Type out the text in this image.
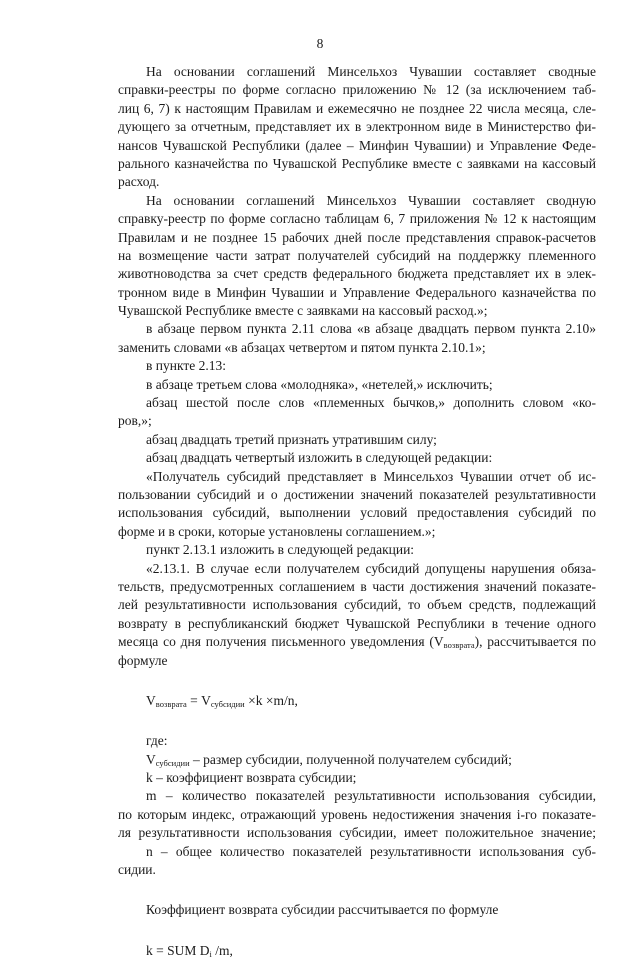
8
На основании соглашений Минсельхоз Чувашии составляет сводные
справки-реестры по форме согласно приложению № 12 (за исключением таб-
лиц 6, 7) к настоящим Правилам и ежемесячно не позднее 22 числа месяца, сле-
дующего за отчетным, представляет их в электронном виде в Министерство фи-
нансов Чувашской Республики (далее – Минфин Чувашии) и Управление Феде-
рального казначейства по Чувашской Республике вместе с заявками на кассовый
расход.
На основании соглашений Минсельхоз Чувашии составляет сводную
справку-реестр по форме согласно таблицам 6, 7 приложения № 12 к настоящим
Правилам и не позднее 15 рабочих дней после представления справок-расчетов
на возмещение части затрат получателей субсидий на поддержку племенного
животноводства за счет средств федерального бюджета представляет их в элек-
тронном виде в Минфин Чувашии и Управление Федерального казначейства по
Чувашской Республике вместе с заявками на кассовый расход.»;
в абзаце первом пункта 2.11 слова «в абзаце двадцать первом пункта 2.10»
заменить словами «в абзацах четвертом и пятом пункта 2.10.1»;
в пункте 2.13:
в абзаце третьем слова «молодняка», «нетелей,» исключить;
абзац шестой после слов «племенных бычков,» дополнить словом «ко-
ров,»;
абзац двадцать третий признать утратившим силу;
абзац двадцать четвертый изложить в следующей редакции:
«Получатель субсидий представляет в Минсельхоз Чувашии отчет об ис-
пользовании субсидий и о достижении значений показателей результативности
использования субсидий, выполнении условий предоставления субсидий по
форме и в сроки, которые установлены соглашением.»;
пункт 2.13.1 изложить в следующей редакции:
«2.13.1. В случае если получателем субсидий допущены нарушения обяза-
тельств, предусмотренных соглашением в части достижения значений показате-
лей результативности использования субсидий, то объем средств, подлежащий
возврату в республиканский бюджет Чувашской Республики в течение одного
месяца со дня получения письменного уведомления $(V_{возврата})$, рассчитывается по
формуле
$V_{возврата} = V_{субсидии} \times k \times m/n$,
где:
$V_{субсидии}$ – размер субсидии, полученной получателем субсидий;
k – коэффициент возврата субсидии;
m – количество показателей результативности использования субсидии,
по которым индекс, отражающий уровень недостижения значения i-го показате-
ля результативности использования субсидии, имеет положительное значение;
n – общее количество показателей результативности использования суб-
сидии.
Коэффициент возврата субсидии рассчитывается по формуле
k = SUM $D_i$ /m,
